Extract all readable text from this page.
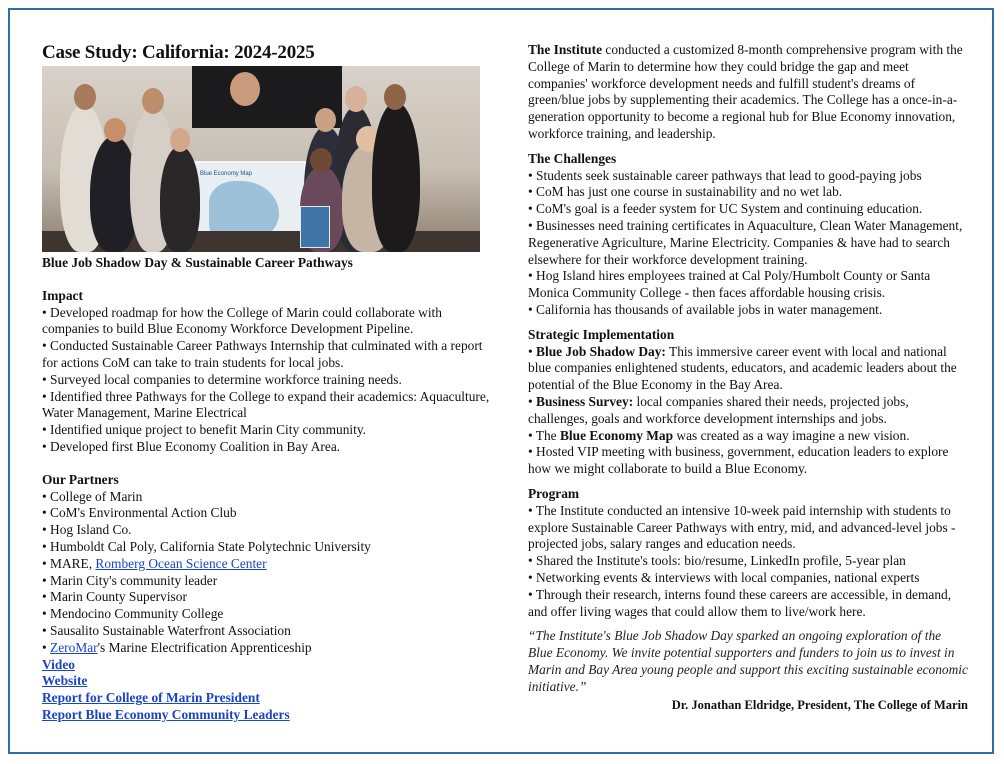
Case Study: California: 2024-2025
Blue Economy Map

Blue Job Shadow Day & Sustainable Career Pathways

Impact

• Developed roadmap for how the College of Marin could collaborate with companies to build Blue Economy Workforce Development Pipeline.
• Conducted Sustainable Career Pathways Internship that culminated with a report for actions CoM can take to train students for local jobs.
• Surveyed local companies to determine workforce training needs.
• Identified three Pathways for the College to expand their academics: Aquaculture, Water Management, Marine Electrical
• Identified unique project to benefit Marin City community.
• Developed first Blue Economy Coalition in Bay Area.

Our Partners

• College of Marin
• CoM's Environmental Action Club
• Hog Island Co.
• Humboldt Cal Poly, California State Polytechnic University
• MARE, Romberg Ocean Science Center
• Marin City's community leader
• Marin County Supervisor
• Mendocino Community College
• Sausalito Sustainable Waterfront Association
• ZeroMar's Marine Electrification Apprenticeship
Video
Website
Report for College of Marin President
Report Blue Economy Community Leaders

The Institute conducted a customized 8-month comprehensive program with the College of Marin to determine how they could bridge the gap and meet companies' workforce development needs and fulfill student's dreams of green/blue jobs by supplementing their academics. The College has a once-in-a-generation opportunity to become a regional hub for Blue Economy innovation, workforce training, and leadership.

The Challenges

• Students seek sustainable career pathways that lead to good-paying jobs
• CoM has just one course in sustainability and no wet lab.
• CoM's goal is a feeder system for UC System and continuing education.
• Businesses need training certificates in Aquaculture, Clean Water Management, Regenerative Agriculture, Marine Electricity. Companies & have had to search elsewhere for their workforce development training.
• Hog Island hires employees trained at Cal Poly/Humbolt County or Santa Monica Community College - then faces affordable housing crisis.
• California has thousands of available jobs in water management.

Strategic Implementation

• Blue Job Shadow Day: This immersive career event with local and national blue companies enlightened students, educators, and academic leaders about the potential of the Blue Economy in the Bay Area.
• Business Survey: local companies shared their needs, projected jobs, challenges, goals and workforce development internships and jobs.
• The Blue Economy Map was created as a way imagine a new vision.
• Hosted VIP meeting with business, government, education leaders to explore how we might collaborate to build a Blue Economy.

Program

• The Institute conducted an intensive 10-week paid internship with students to explore Sustainable Career Pathways with entry, mid, and advanced-level jobs - projected jobs, salary ranges and education needs.
• Shared the Institute's tools: bio/resume, LinkedIn profile, 5-year plan
• Networking events & interviews with local companies, national experts
• Through their research, interns found these careers are accessible, in demand, and offer living wages that could allow them to live/work here.

“The Institute's Blue Job Shadow Day sparked an ongoing exploration of the Blue Economy. We invite potential supporters and funders to join us to invest in Marin and Bay Area young people and support this exciting sustainable economic initiative.”

Dr. Jonathan Eldridge, President, The College of Marin
